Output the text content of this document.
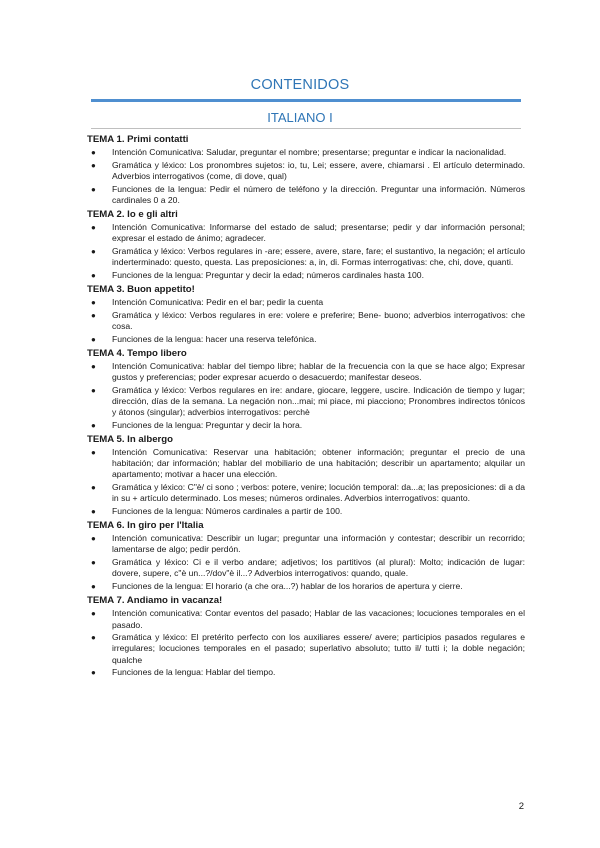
CONTENIDOS
ITALIANO I
TEMA 1. Primi contatti
● Intención Comunicativa: Saludar, preguntar el nombre; presentarse; preguntar e indicar la nacionalidad.
● Gramática y léxico: Los pronombres sujetos: io, tu, Lei; essere, avere, chiamarsi . El artículo determinado. Adverbios interrogativos (come, di dove, qual)
● Funciones de la lengua: Pedir el número de teléfono y la dirección. Preguntar una información. Números cardinales 0 a 20.
TEMA 2. Io e gli altri
● Intención Comunicativa: Informarse del estado de salud; presentarse; pedir y dar información personal; expresar el estado de ánimo; agradecer.
● Gramática y léxico: Verbos regulares in -are; essere, avere, stare, fare; el sustantivo, la negación; el artículo inderterminado: questo, questa. Las preposiciones: a, in, di. Formas interrogativas: che, chi, dove, quanti.
● Funciones de la lengua: Preguntar y decir la edad; números cardinales hasta 100.
TEMA 3. Buon appetito!
● Intención Comunicativa: Pedir en el bar; pedir la cuenta
● Gramática y léxico: Verbos regulares in ere: volere e preferire; Bene- buono; adverbios interrogativos: che cosa.
● Funciones de la lengua: hacer una reserva telefónica.
TEMA 4. Tempo libero
● Intención Comunicativa: hablar del tiempo libre; hablar de la frecuencia con la que se hace algo; Expresar gustos y preferencias; poder expresar acuerdo o desacuerdo; manifestar deseos.
● Gramática y léxico: Verbos regulares en ire: andare, giocare, leggere, uscire. Indicación de tiempo y lugar; dirección, días de la semana. La negación non...mai; mi piace, mi piacciono; Pronombres indirectos tónicos y átonos (singular); adverbios interrogativos: perchè
● Funciones de la lengua: Preguntar y decir la hora.
TEMA 5. In albergo
● Intención Comunicativa: Reservar una habitación; obtener información; preguntar el precio de una habitación; dar información; hablar del mobiliario de una habitación; describir un apartamento; alquilar un apartamento; motivar a hacer una elección.
● Gramática y léxico: C"è/ ci sono ; verbos: potere, venire; locución temporal: da...a; las preposiciones: di a da in su + artículo determinado. Los meses; números ordinales. Adverbios interrogativos: quanto.
● Funciones de la lengua: Números cardinales a partir de 100.
TEMA 6. In giro per l'Italia
● Intención comunicativa: Describir un lugar; preguntar una información y contestar; describir un recorrido; lamentarse de algo; pedir perdón.
● Gramática y léxico: Ci e il verbo andare; adjetivos; los partitivos (al plural): Molto; indicación de lugar: dovere, supere, c"è un...?/dov"è il...? Adverbios interrogativos: quando, quale.
● Funciones de la lengua: El horario (a che ora...?) hablar de los horarios de apertura y cierre.
TEMA 7. Andiamo in vacanza!
● Intención comunicativa: Contar eventos del pasado; Hablar de las vacaciones; locuciones temporales en el pasado.
● Gramática y léxico: El pretérito perfecto con los auxiliares essere/ avere; participios pasados regulares e irregulares; locuciones temporales en el pasado; superlativo absoluto; tutto il/ tutti i; la doble negación; qualche
● Funciones de la lengua: Hablar del tiempo.
2
